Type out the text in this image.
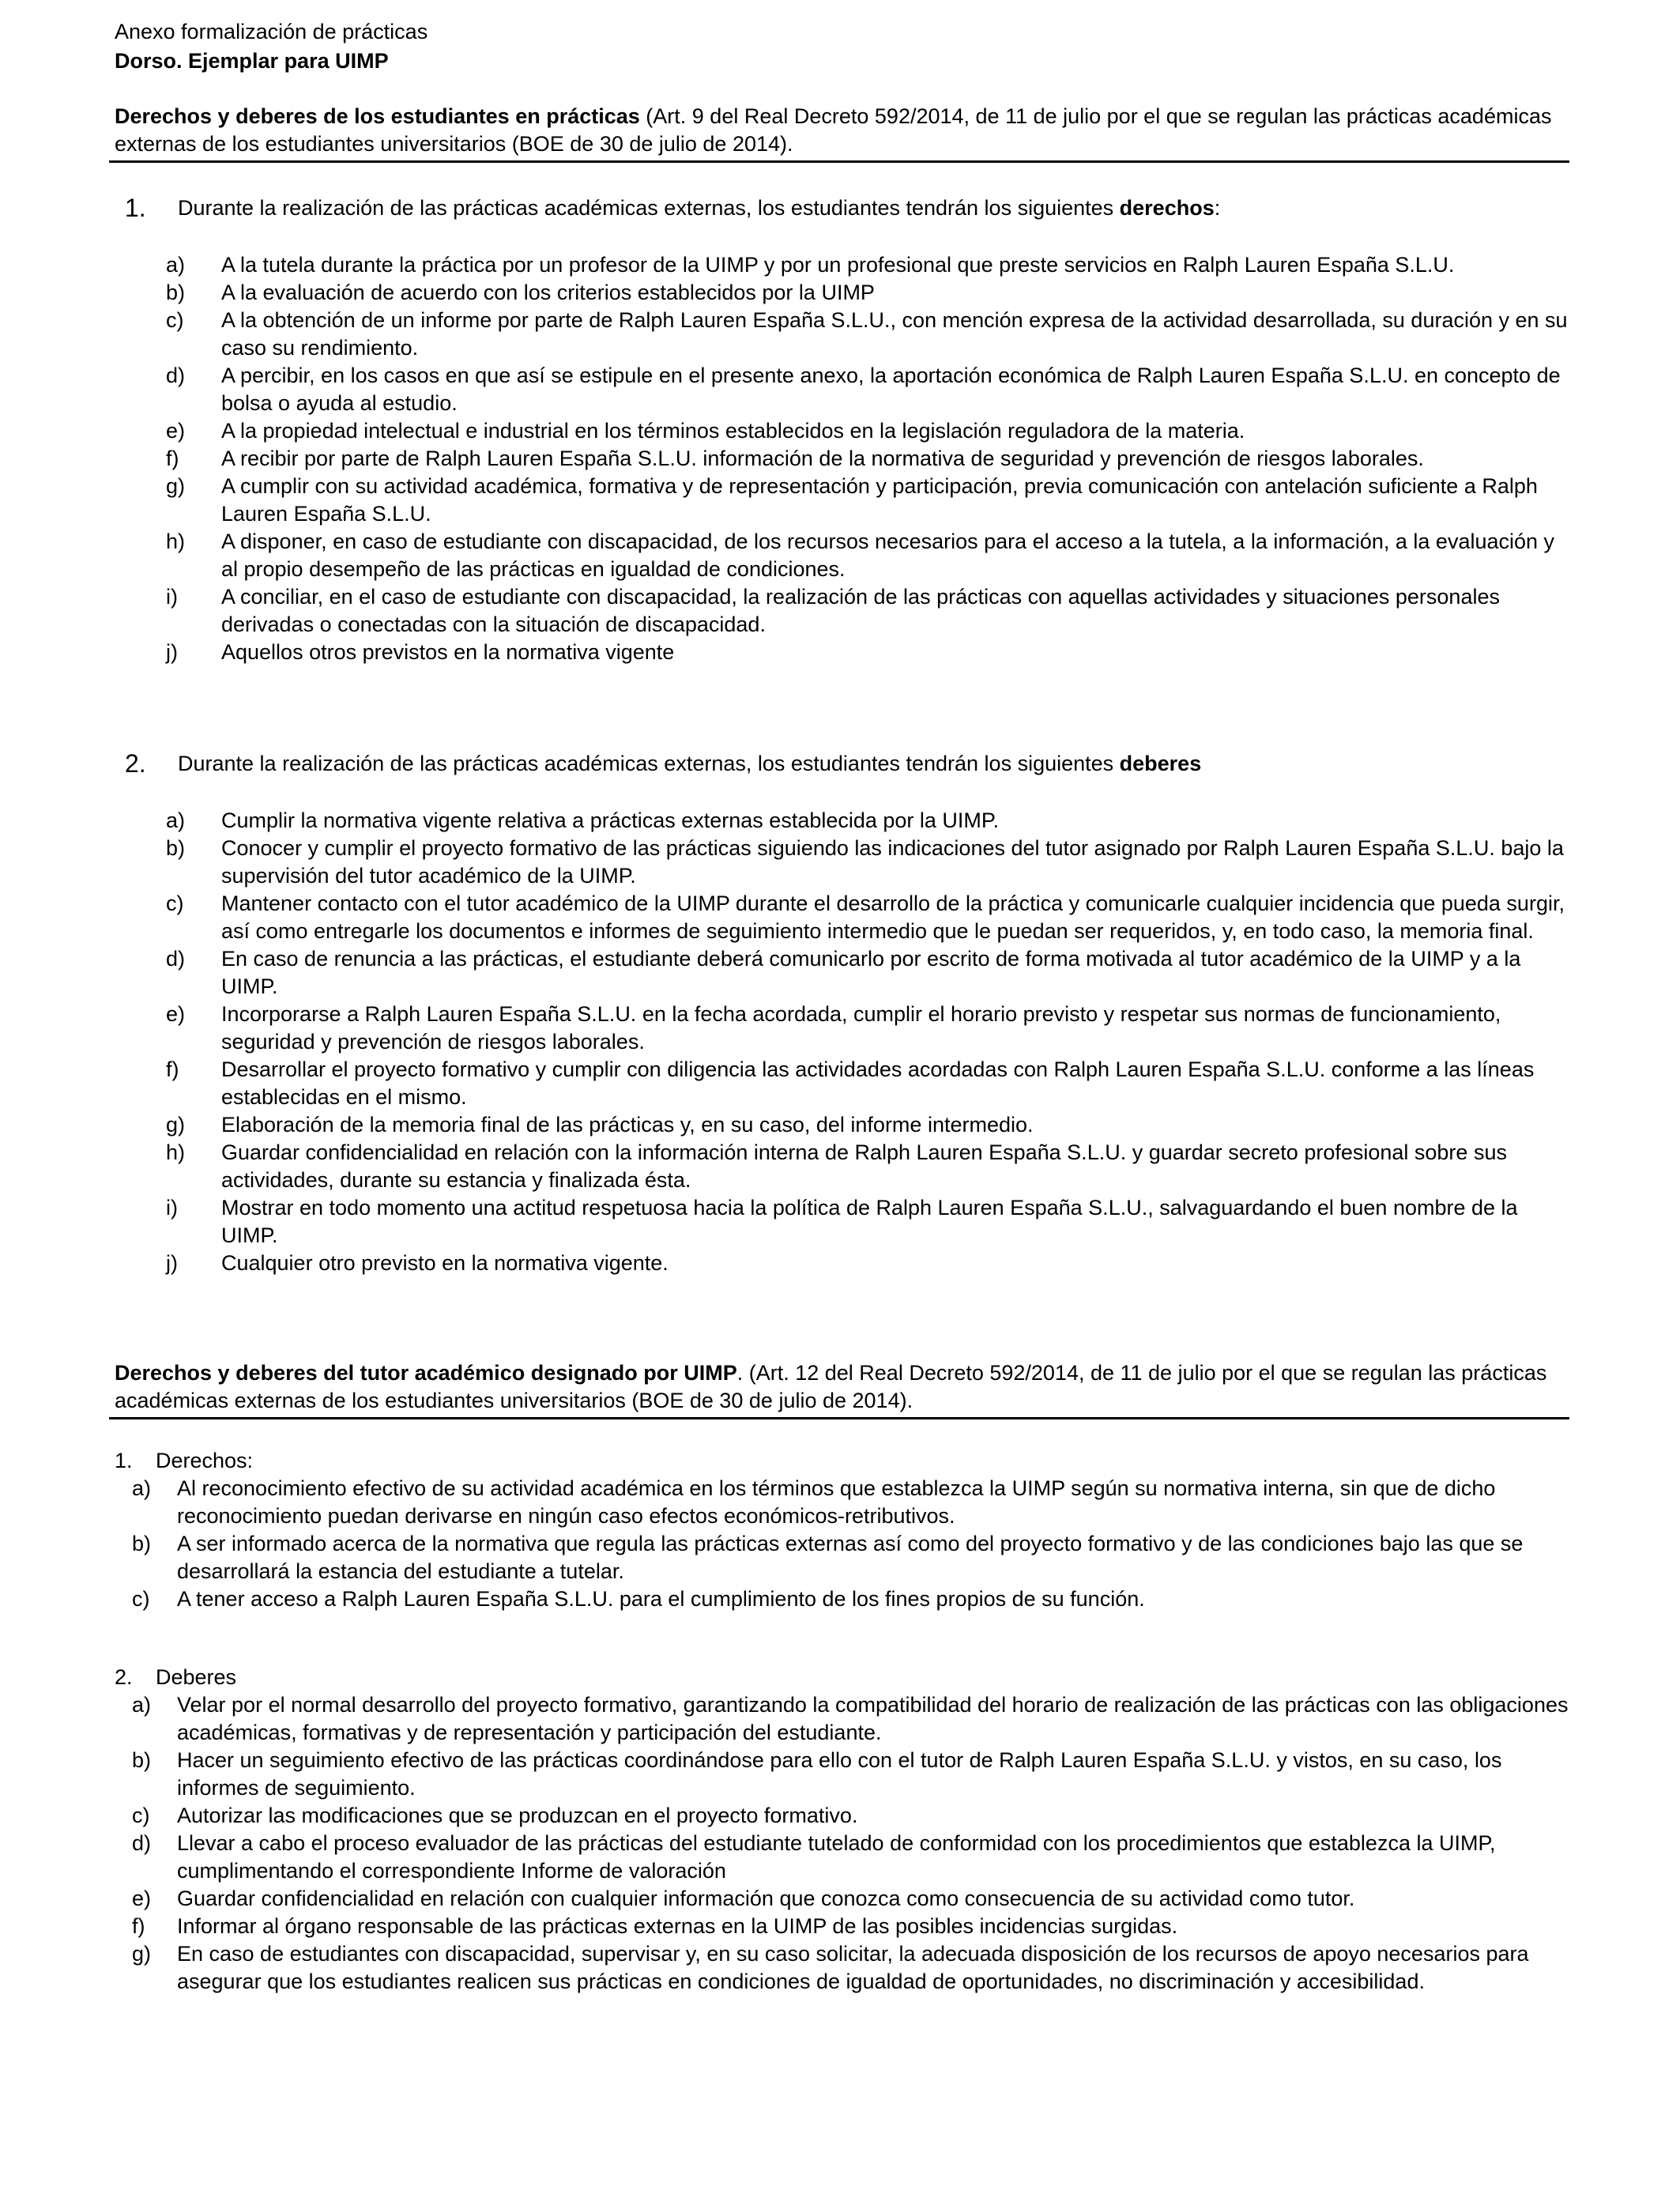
Anexo formalización de prácticas
Dorso. Ejemplar para UIMP
Derechos y deberes de los estudiantes en prácticas (Art. 9 del Real Decreto 592/2014, de 11 de julio por el que se regulan las prácticas académicas externas de los estudiantes universitarios (BOE de 30 de julio de 2014).
1. Durante la realización de las prácticas académicas externas, los estudiantes tendrán los siguientes derechos:
a)	A la tutela durante la práctica por un profesor de la UIMP y por un profesional que preste servicios en Ralph Lauren España S.L.U.
b)	A la evaluación de acuerdo con los criterios establecidos por la UIMP
c)	A la obtención de un informe por parte de Ralph Lauren España S.L.U., con mención expresa de la actividad desarrollada, su duración y en su caso su rendimiento.
d)	A percibir, en los casos en que así se estipule en el presente anexo, la aportación económica de Ralph Lauren España S.L.U. en concepto de bolsa o ayuda al estudio.
e)	A la propiedad intelectual e industrial en los términos establecidos en la legislación reguladora de la materia.
f)	A recibir por parte de Ralph Lauren España S.L.U. información de la normativa de seguridad y prevención de riesgos laborales.
g)	A cumplir con su actividad académica, formativa y de representación y participación, previa comunicación con antelación suficiente a Ralph Lauren España S.L.U.
h)	A disponer, en caso de estudiante con discapacidad, de los recursos necesarios para el acceso a la tutela, a la información, a la evaluación y al propio desempeño de las prácticas en igualdad de condiciones.
i)	A conciliar, en el caso de estudiante con discapacidad, la realización de las prácticas con aquellas actividades y situaciones personales derivadas o conectadas con la situación de discapacidad.
j)	Aquellos otros previstos en la normativa vigente
2. Durante la realización de las prácticas académicas externas, los estudiantes tendrán los siguientes deberes
a)	Cumplir la normativa vigente relativa a prácticas externas establecida por la UIMP.
b)	Conocer y cumplir el proyecto formativo de las prácticas siguiendo las indicaciones del tutor asignado por Ralph Lauren España S.L.U. bajo la supervisión del tutor académico de la UIMP.
c)	Mantener contacto con el tutor académico de la UIMP durante el desarrollo de la práctica y comunicarle cualquier incidencia que pueda surgir, así como entregarle los documentos e informes de seguimiento intermedio que le puedan ser requeridos, y, en todo caso, la memoria final.
d)	En caso de renuncia a las prácticas, el estudiante deberá comunicarlo por escrito de forma motivada al tutor académico de la UIMP y a la UIMP.
e)	Incorporarse a Ralph Lauren España S.L.U. en la fecha acordada, cumplir el horario previsto y respetar sus normas de funcionamiento, seguridad y prevención de riesgos laborales.
f)	Desarrollar el proyecto formativo y cumplir con diligencia las actividades acordadas con Ralph Lauren España S.L.U. conforme a las líneas establecidas en el mismo.
g)	Elaboración de la memoria final de las prácticas y, en su caso, del informe intermedio.
h)	Guardar confidencialidad en relación con la información interna de Ralph Lauren España S.L.U. y guardar secreto profesional sobre sus actividades, durante su estancia y finalizada ésta.
i)	Mostrar en todo momento una actitud respetuosa hacia la política de Ralph Lauren España S.L.U., salvaguardando el buen nombre de la UIMP.
j)	Cualquier otro previsto en la normativa vigente.
Derechos y deberes del tutor académico designado por UIMP. (Art. 12 del Real Decreto 592/2014, de 11 de julio por el que se regulan las prácticas académicas externas de los estudiantes universitarios (BOE de 30 de julio de 2014).
1. Derechos:
a)	Al reconocimiento efectivo de su actividad académica en los términos que establezca la UIMP según su normativa interna, sin que de dicho reconocimiento puedan derivarse en ningún caso efectos económicos-retributivos.
b)	A ser informado acerca de la normativa que regula las prácticas externas así como del proyecto formativo y de las condiciones bajo las que se desarrollará la estancia del estudiante a tutelar.
c)	A tener acceso a Ralph Lauren España S.L.U. para el cumplimiento de los fines propios de su función.
2. Deberes
a)	Velar por el normal desarrollo del proyecto formativo, garantizando la compatibilidad del horario de realización de las prácticas con las obligaciones académicas, formativas y de representación y participación del estudiante.
b)	Hacer un seguimiento efectivo de las prácticas coordinándose para ello con el tutor de Ralph Lauren España S.L.U. y vistos, en su caso, los informes de seguimiento.
c)	Autorizar las modificaciones que se produzcan en el proyecto formativo.
d)	Llevar a cabo el proceso evaluador de las prácticas del estudiante tutelado de conformidad con los procedimientos que establezca la UIMP, cumplimentando el correspondiente Informe de valoración
e)	Guardar confidencialidad en relación con cualquier información que conozca como consecuencia de su actividad como tutor.
f)	Informar al órgano responsable de las prácticas externas en la UIMP de las posibles incidencias surgidas.
g)	En caso de estudiantes con discapacidad, supervisar y, en su caso solicitar, la adecuada disposición de los recursos de apoyo necesarios para asegurar que los estudiantes realicen sus prácticas en condiciones de igualdad de oportunidades, no discriminación y accesibilidad.
